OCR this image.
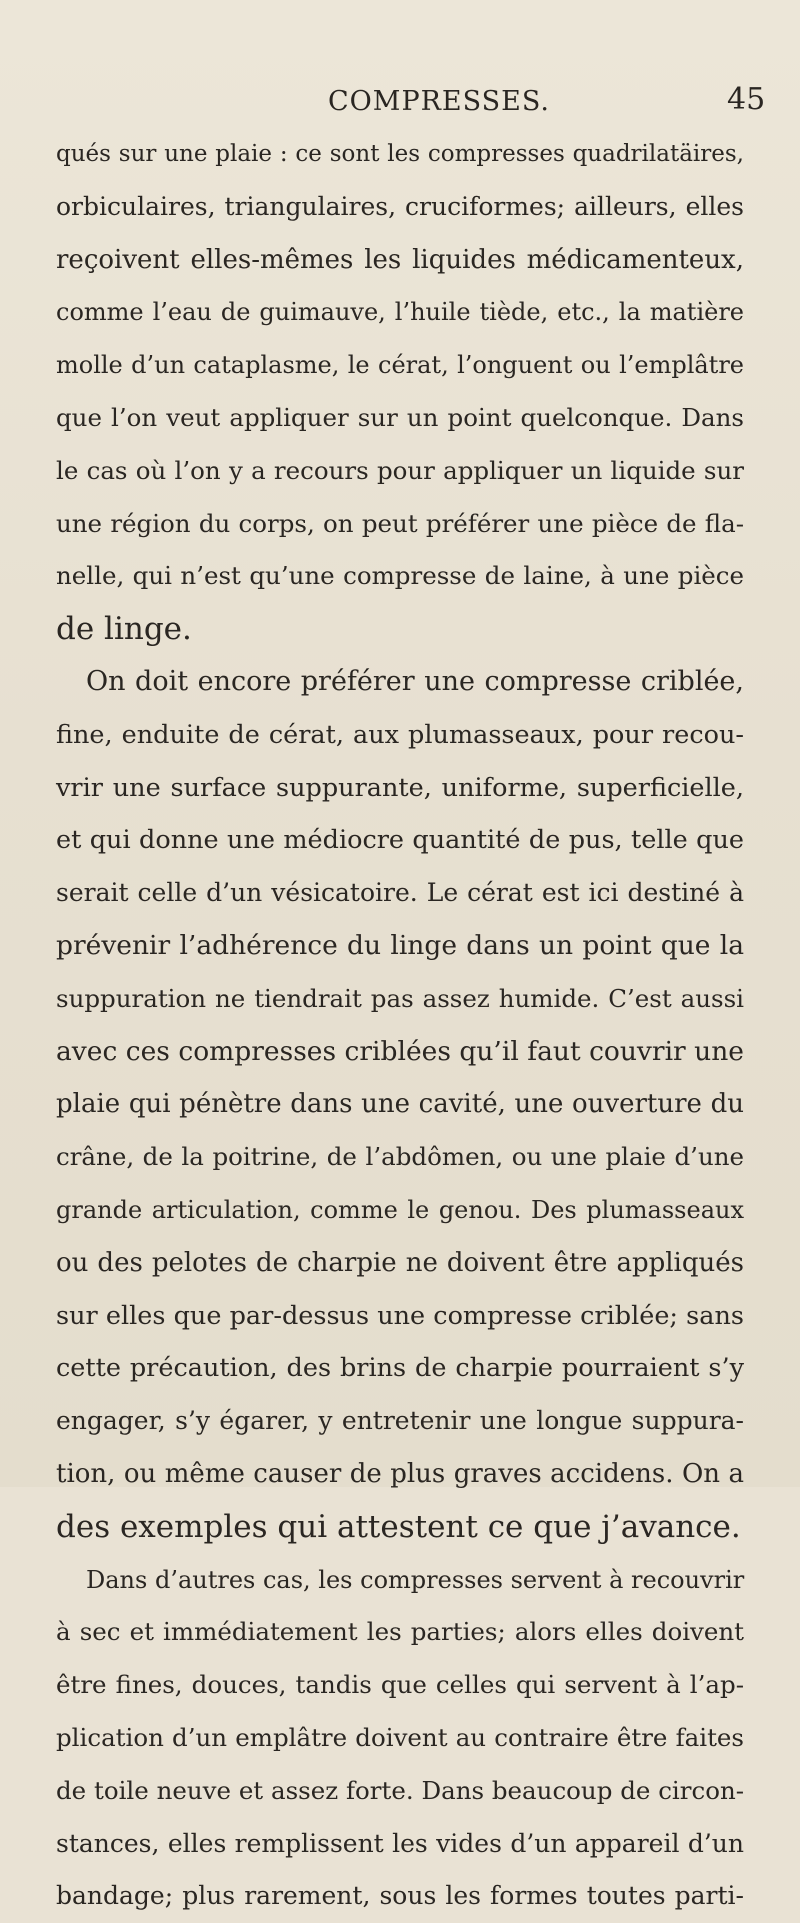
COMPRESSES.	45
qués sur une plaie : ce sont les compresses quadrilatäires,
orbiculaires, triangulaires, cruciformes; ailleurs, elles
reçoivent elles-mêmes les liquides médicamenteux,
comme l’eau de guimauve, l’huile tiède, etc., la matière
molle d’un cataplasme, le cérat, l’onguent ou l’emplâtre
que l’on veut appliquer sur un point quelconque. Dans
le cas où l’on y a recours pour appliquer un liquide sur
une région du corps, on peut préférer une pièce de fla-
nelle, qui n’est qu’une compresse de laine, à une pièce
de linge.
On doit encore préférer une compresse criblée,
fine, enduite de cérat, aux plumasseaux, pour recou-
vrir une surface suppurante, uniforme, superficielle,
et qui donne une médiocre quantité de pus, telle que
serait celle d’un vésicatoire. Le cérat est ici destiné à
prévenir l’adhérence du linge dans un point que la
suppuration ne tiendrait pas assez humide. C’est aussi
avec ces compresses criblées qu’il faut couvrir une
plaie qui pénètre dans une cavité, une ouverture du
crâne, de la poitrine, de l’abdômen, ou une plaie d’une
grande articulation, comme le genou. Des plumasseaux
ou des pelotes de charpie ne doivent être appliqués
sur elles que par-dessus une compresse criblée; sans
cette précaution, des brins de charpie pourraient s’y
engager, s’y égarer, y entretenir une longue suppura-
tion, ou même causer de plus graves accidens. On a
des exemples qui attestent ce que j’avance.
Dans d’autres cas, les compresses servent à recouvrir
à sec et immédiatement les parties; alors elles doivent
être fines, douces, tandis que celles qui servent à l’ap-
plication d’un emplâtre doivent au contraire être faites
de toile neuve et assez forte. Dans beaucoup de circon-
stances, elles remplissent les vides d’un appareil d’un
bandage; plus rarement, sous les formes toutes parti-
